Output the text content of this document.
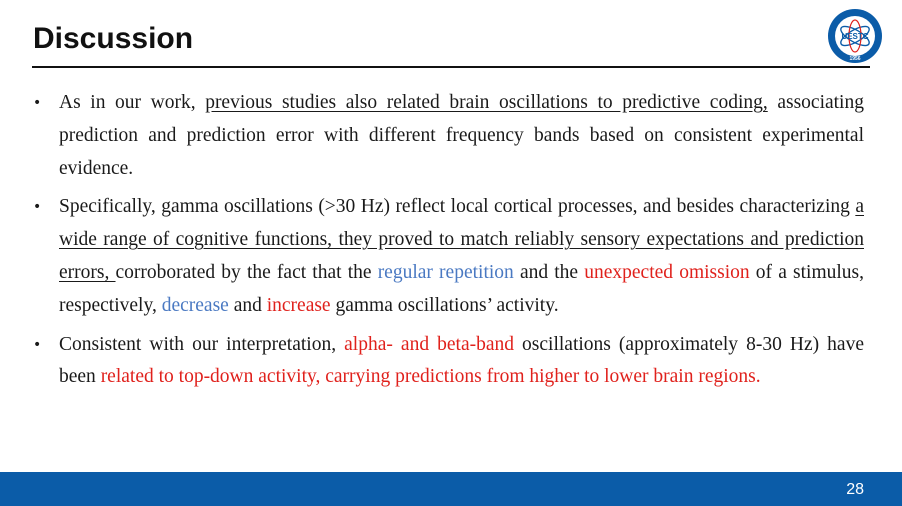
Discussion	UESTC
1956
• As in our work, previous studies also related brain oscillations to predictive coding, associating prediction and prediction error with different frequency bands based on consistent experimental evidence.
• Specifically, gamma oscillations (>30 Hz) reflect local cortical processes, and besides characterizing a wide range of cognitive functions, they proved to match reliably sensory expectations and prediction errors, corroborated by the fact that the regular repetition and the unexpected omission of a stimulus, respectively, decrease and increase gamma oscillations’ activity.
• Consistent with our interpretation, alpha- and beta-band oscillations (approximately 8-30 Hz) have been related to top-down activity, carrying predictions from higher to lower brain regions.
28
